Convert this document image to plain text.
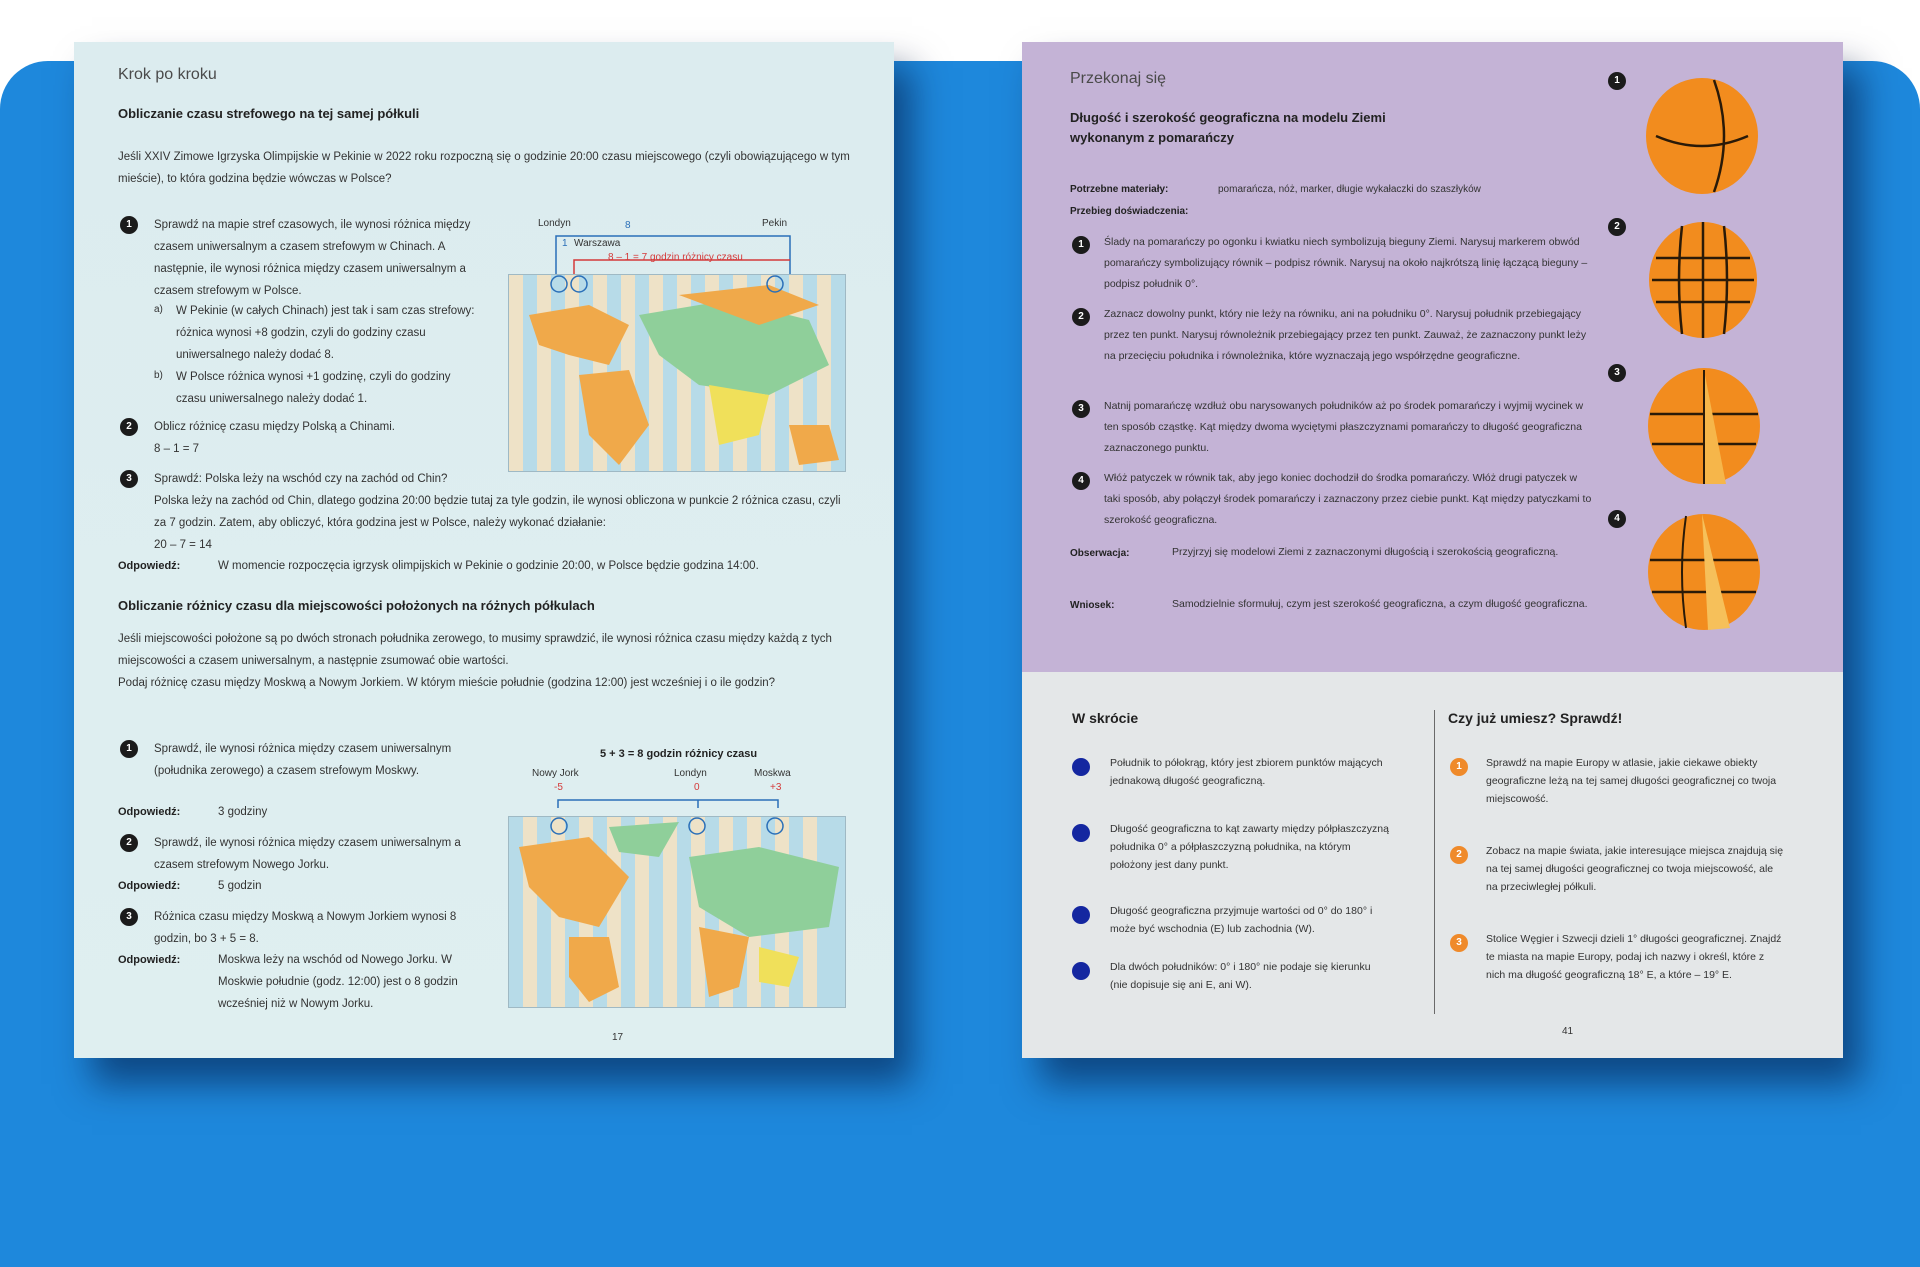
Krok po kroku
Obliczanie czasu strefowego na tej samej półkuli
Jeśli XXIV Zimowe Igrzyska Olimpijskie w Pekinie w 2022 roku rozpoczną się o godzinie 20:00 czasu miejscowego (czyli obowiązującego w tym mieście), to która godzina będzie wówczas w Polsce?
1	Sprawdź na mapie stref czasowych, ile wynosi różnica między czasem uniwersalnym a czasem strefowym w Chinach. A następnie, ile wynosi różnica między czasem uniwersalnym a czasem strefowym w Polsce.
a) W Pekinie (w całych Chinach) jest tak i sam czas strefowy: różnica wynosi +8 godzin, czyli do godziny czasu uniwersalnego należy dodać 8.
b) W Polsce różnica wynosi +1 godzinę, czyli do godziny czasu uniwersalnego należy dodać 1.
2	Oblicz różnicę czasu między Polską a Chinami.
8 – 1 = 7
3	Sprawdź: Polska leży na wschód czy na zachód od Chin?
Polska leży na zachód od Chin, dlatego godzina 20:00 będzie tutaj za tyle godzin, ile wynosi obliczona w punkcie 2 różnica czasu, czyli za 7 godzin. Zatem, aby obliczyć, która godzina jest w Polsce, należy wykonać działanie:
20 – 7 = 14
Odpowiedź:	W momencie rozpoczęcia igrzysk olimpijskich w Pekinie o godzinie 20:00, w Polsce będzie godzina 14:00.
Obliczanie różnicy czasu dla miejscowości położonych na różnych półkulach
Jeśli miejscowości położone są po dwóch stronach południka zerowego, to musimy sprawdzić, ile wynosi różnica czasu między każdą z tych miejscowości a czasem uniwersalnym, a następnie zsumować obie wartości.
Podaj różnicę czasu między Moskwą a Nowym Jorkiem. W którym mieście południe (godzina 12:00) jest wcześniej i o ile godzin?
1	Sprawdź, ile wynosi różnica między czasem uniwersalnym (południka zerowego) a czasem strefowym Moskwy.
Odpowiedź:	3 godziny
2	Sprawdź, ile wynosi różnica między czasem uniwersalnym a czasem strefowym Nowego Jorku.
Odpowiedź:	5 godzin
3	Różnica czasu między Moskwą a Nowym Jorkiem wynosi 8 godzin, bo 3 + 5 = 8.
Odpowiedź:	Moskwa leży na wschód od Nowego Jorku. W Moskwie południe (godz. 12:00) jest o 8 godzin wcześniej niż w Nowym Jorku.
Londyn	Pekin
Warszawa
8
1
8 – 1 = 7 godzin różnicy czasu
5 + 3 = 8 godzin różnicy czasu
Nowy Jork	Londyn	Moskwa
-5	0	+3
17
Przekonaj się
Długość i szerokość geograficzna na modelu Ziemi wykonanym z pomarańczy
Potrzebne materiały:	pomarańcza, nóż, marker, długie wykałaczki do szaszłyków
Przebieg doświadczenia:
1	Ślady na pomarańczy po ogonku i kwiatku niech symbolizują bieguny Ziemi. Narysuj markerem obwód pomarańczy symbolizujący równik – podpisz równik. Narysuj na około najkrótszą linię łączącą bieguny – podpisz południk 0°.
2	Zaznacz dowolny punkt, który nie leży na równiku, ani na południku 0°. Narysuj południk przebiegający przez ten punkt. Narysuj równoleżnik przebiegający przez ten punkt. Zauważ, że zaznaczony punkt leży na przecięciu południka i równoleżnika, które wyznaczają jego współrzędne geograficzne.
3	Natnij pomarańczę wzdłuż obu narysowanych południków aż po środek pomarańczy i wyjmij wycinek w ten sposób cząstkę. Kąt między dwoma wyciętymi płaszczyznami pomarańczy to długość geograficzna zaznaczonego punktu.
4	Włóż patyczek w równik tak, aby jego koniec dochodził do środka pomarańczy. Włóż drugi patyczek w taki sposób, aby połączył środek pomarańczy i zaznaczony przez ciebie punkt. Kąt między patyczkami to szerokość geograficzna.
Obserwacja:	Przyjrzyj się modelowi Ziemi z zaznaczonymi długością i szerokością geograficzną.
Wniosek:	Samodzielnie sformułuj, czym jest szerokość geograficzna, a czym długość geograficzna.
1
2
3
4
W skrócie
Południk to półokrąg, który jest zbiorem punktów mających jednakową długość geograficzną.
Długość geograficzna to kąt zawarty między półpłaszczyzną południka 0° a półpłaszczyzną południka, na którym położony jest dany punkt.
Długość geograficzna przyjmuje wartości od 0° do 180° i może być wschodnia (E) lub zachodnia (W).
Dla dwóch południków: 0° i 180° nie podaje się kierunku (nie dopisuje się ani E, ani W).
Czy już umiesz? Sprawdź!
1	Sprawdź na mapie Europy w atlasie, jakie ciekawe obiekty geograficzne leżą na tej samej długości geograficznej co twoja miejscowość.
2	Zobacz na mapie świata, jakie interesujące miejsca znajdują się na tej samej długości geograficznej co twoja miejscowość, ale na przeciwległej półkuli.
3	Stolice Węgier i Szwecji dzieli 1° długości geograficznej. Znajdź te miasta na mapie Europy, podaj ich nazwy i określ, które z nich ma długość geograficzną 18° E, a które – 19° E.
41
